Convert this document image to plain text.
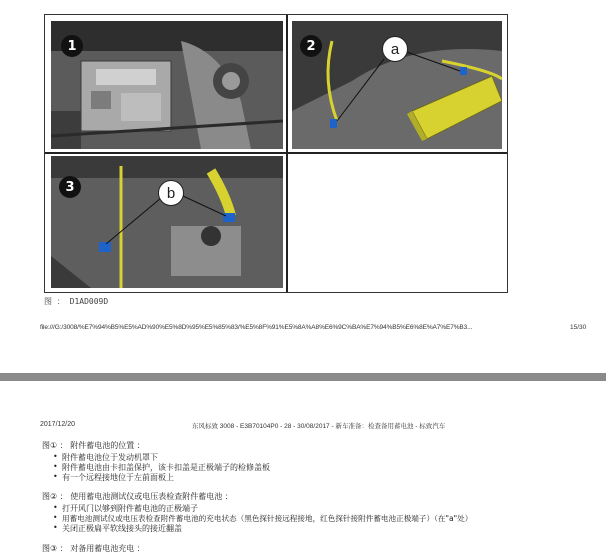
1	2	a
3	b
图 ： D1AD009D
file:///G:/3008/%E7%94%B5%E5%AD%90%E5%8D%95%E5%85%83/%E5%8F%91%E5%8A%A8%E6%9C%BA%E7%94%B5%E6%8E%A7%E7%B3...	15/30
2017/12/20	东风标致 3008 - E3B70104P0 - 28 - 30/08/2017 - 新车准备：检查备用蓄电池 - 标致汽车
图① ： 附件蓄电池的位置 ：
• 附件蓄电池位于发动机罩下
• 附件蓄电池由卡扣盖保护，该卡扣盖是正极端子的检修盖板
• 有一个远程接地位于左前面板上
图② ： 使用蓄电池测试仪或电压表检查附件蓄电池 ：
• 打开风门以够到附件蓄电池的正极端子
• 用蓄电池测试仪或电压表检查附件蓄电池的充电状态（黑色探针接远程接地，红色探针接附件蓄电池正极端子）（在"a"处）
• 关闭正极扁平软线接头的接近翻盖
图③ ： 对备用蓄电池充电 ：
